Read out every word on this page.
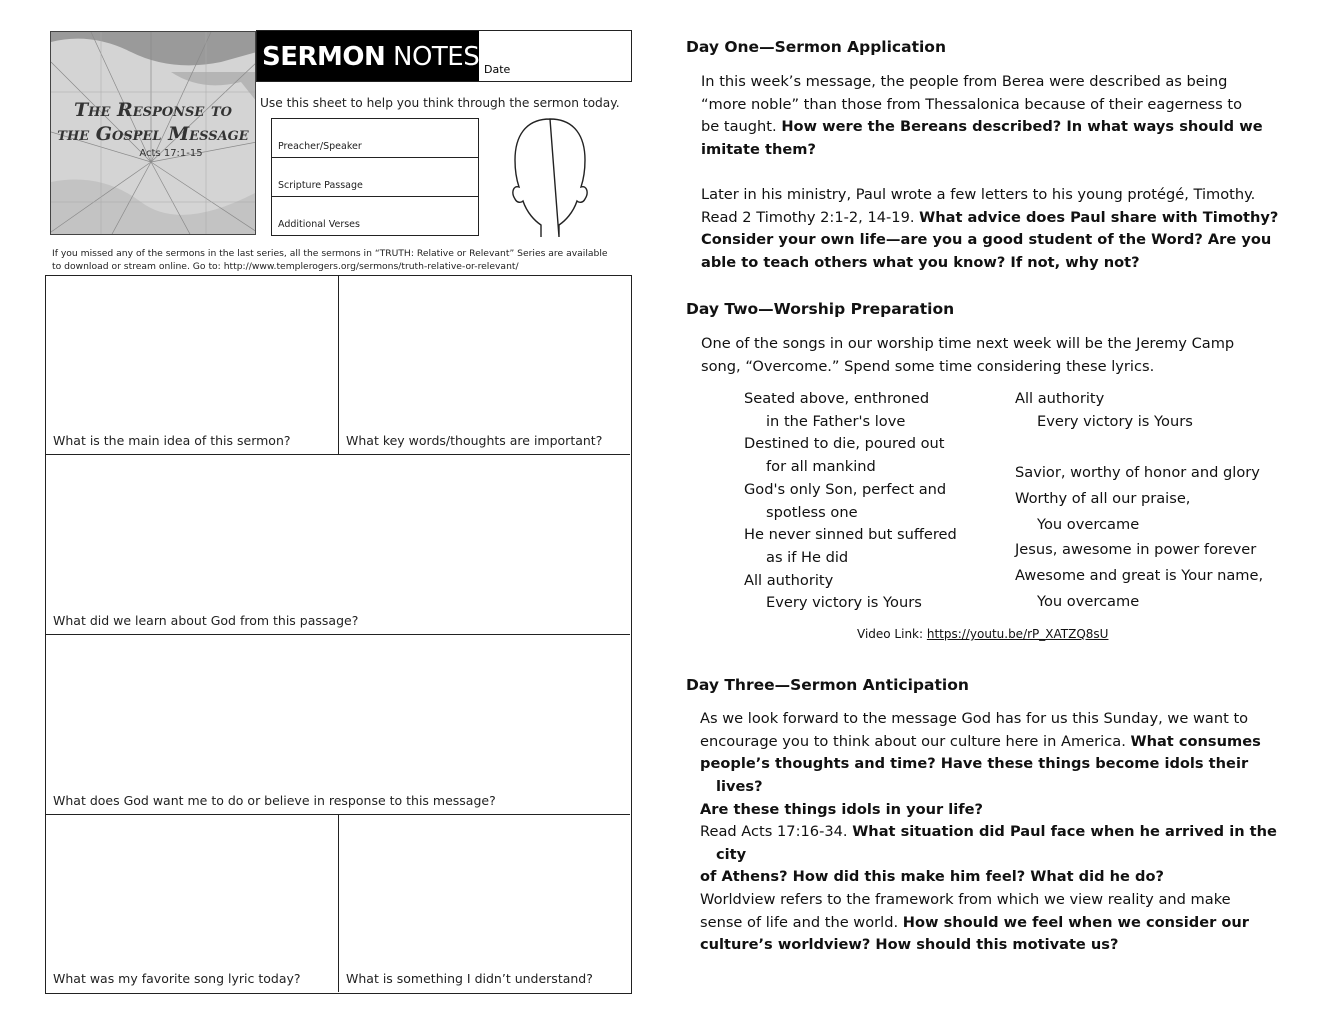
The Response to
the Gospel Message
Acts 17:1-15
SERMON NOTES Date
Use this sheet to help you think through the sermon today.
Preacher/Speaker
Scripture Passage
Additional Verses
If you missed any of the sermons in the last series, all the sermons in “TRUTH: Relative or Relevant” Series are available
to download or stream online. Go to: http://www.templerogers.org/sermons/truth-relative-or-relevant/
What is the main idea of this sermon?	What key words/thoughts are important?
What did we learn about God from this passage?
What does God want me to do or believe in response to this message?
What was my favorite song lyric today?	What is something I didn’t understand?
Day One—Sermon Application
In this week’s message, the people from Berea were described as being
“more noble” than those from Thessalonica because of their eagerness to
be taught. How were the Bereans described? In what ways should we
imitate them?
Later in his ministry, Paul wrote a few letters to his young protégé, Timothy.
Read 2 Timothy 2:1-2, 14-19. What advice does Paul share with Timothy?
Consider your own life—are you a good student of the Word? Are you
able to teach others what you know? If not, why not?
Day Two—Worship Preparation
One of the songs in our worship time next week will be the Jeremy Camp
song, “Overcome.” Spend some time considering these lyrics.
Seated above, enthroned
in the Father's love
Destined to die, poured out
for all mankind
God's only Son, perfect and
spotless one
He never sinned but suffered
as if He did
All authority
Every victory is Yours
All authority
Every victory is Yours
Savior, worthy of honor and glory
Worthy of all our praise,
You overcame
Jesus, awesome in power forever
Awesome and great is Your name,
You overcame
Video Link: https://youtu.be/rP_XATZQ8sU
Day Three—Sermon Anticipation
As we look forward to the message God has for us this Sunday, we want to
encourage you to think about our culture here in America. What consumes
people’s thoughts and time? Have these things become idols their lives?
Are these things idols in your life?
Read Acts 17:16-34. What situation did Paul face when he arrived in the city
of Athens? How did this make him feel? What did he do?
Worldview refers to the framework from which we view reality and make
sense of life and the world. How should we feel when we consider our
culture’s worldview? How should this motivate us?
